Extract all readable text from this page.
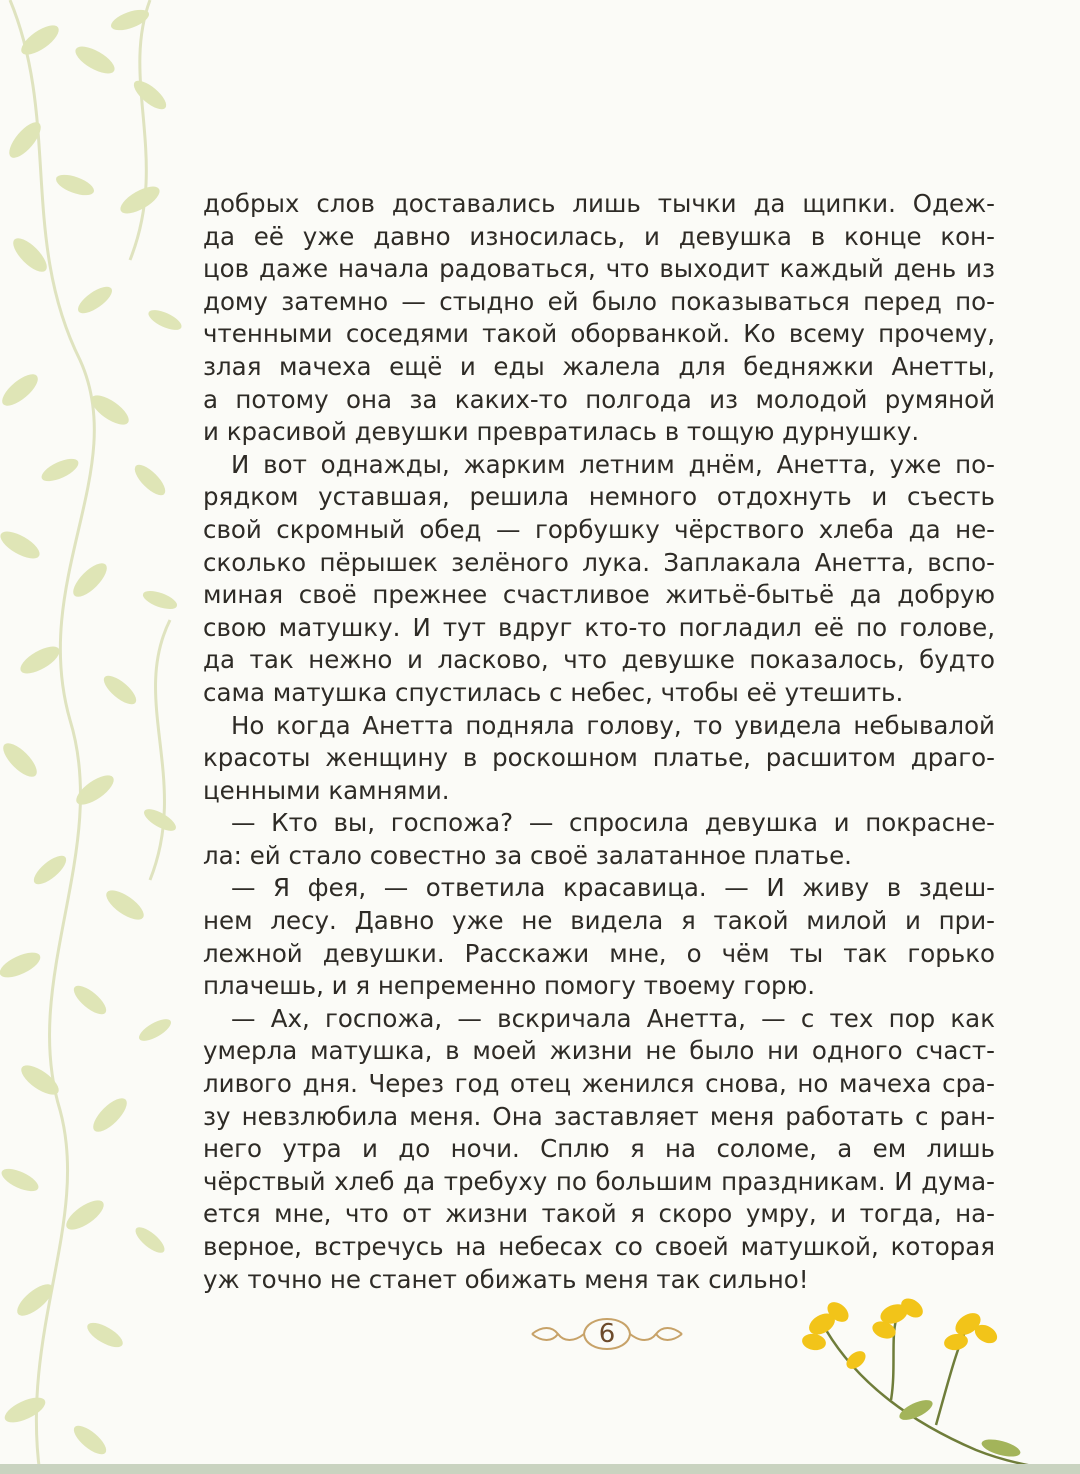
добрых слов доставались лишь тычки да щипки. Одеж-
да её уже давно износилась, и девушка в конце кон-
цов даже начала радоваться, что выходит каждый день из
дому затемно — стыдно ей было показываться перед по-
чтенными соседями такой оборванкой. Ко всему прочему,
злая мачеха ещё и еды жалела для бедняжки Анетты,
а потому она за каких-то полгода из молодой румяной
и красивой девушки превратилась в тощую дурнушку.
И вот однажды, жарким летним днём, Анетта, уже по-
рядком уставшая, решила немного отдохнуть и съесть
свой скромный обед — горбушку чёрствого хлеба да не-
сколько пёрышек зелёного лука. Заплакала Анетта, вспо-
миная своё прежнее счастливое житьё-бытьё да добрую
свою матушку. И тут вдруг кто-то погладил её по голове,
да так нежно и ласково, что девушке показалось, будто
сама матушка спустилась с небес, чтобы её утешить.
Но когда Анетта подняла голову, то увидела небывалой
красоты женщину в роскошном платье, расшитом драго-
ценными камнями.
— Кто вы, госпожа? — спросила девушка и покрасне-
ла: ей стало совестно за своё залатанное платье.
— Я фея, — ответила красавица. — И живу в здеш-
нем лесу. Давно уже не видела я такой милой и при-
лежной девушки. Расскажи мне, о чём ты так горько
плачешь, и я непременно помогу твоему горю.
— Ах, госпожа, — вскричала Анетта, — с тех пор как
умерла матушка, в моей жизни не было ни одного счаст-
ливого дня. Через год отец женился снова, но мачеха сра-
зу невзлюбила меня. Она заставляет меня работать с ран-
него утра и до ночи. Сплю я на соломе, а ем лишь
чёрствый хлеб да требуху по большим праздникам. И дума-
ется мне, что от жизни такой я скоро умру, и тогда, на-
верное, встречусь на небесах со своей матушкой, которая
уж точно не станет обижать меня так сильно!
6
